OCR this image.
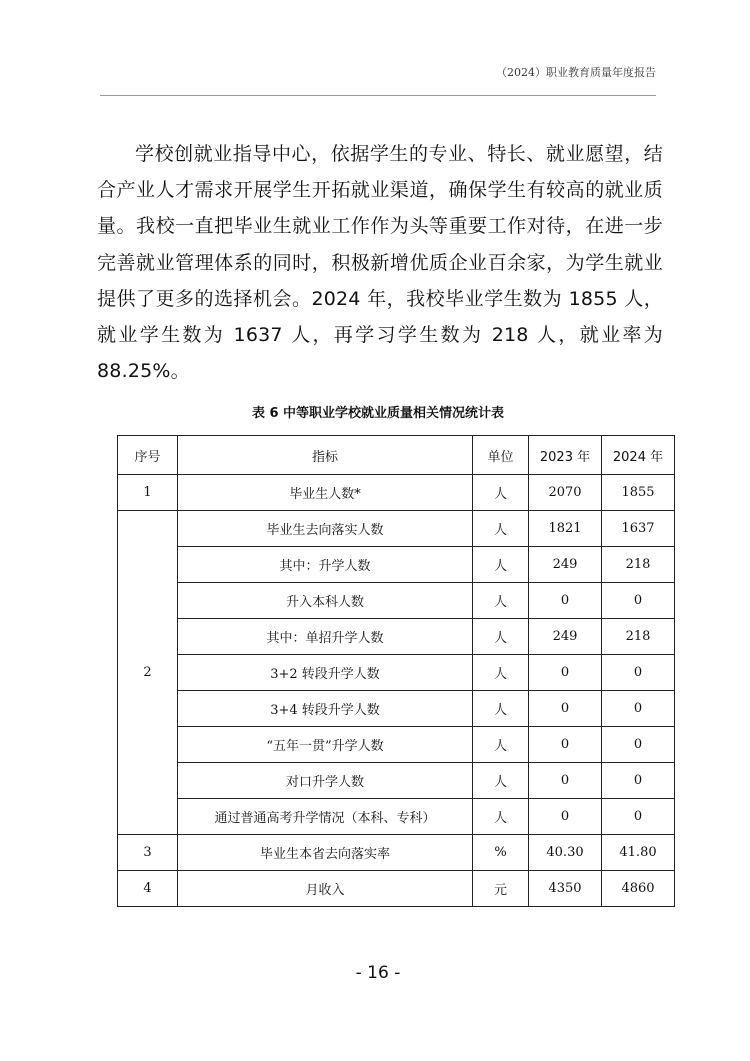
（2024）职业教育质量年度报告

学校创就业指导中心，依据学生的专业、特长、就业愿望，结合产业人才需求开展学生开拓就业渠道，确保学生有较高的就业质量。我校一直把毕业生就业工作作为头等重要工作对待，在进一步完善就业管理体系的同时，积极新增优质企业百余家，为学生就业提供了更多的选择机会。2024 年，我校毕业学生数为 1855 人，就业学生数为 1637 人，再学习学生数为 218 人，就业率为 88.25%。

表 6 中等职业学校就业质量相关情况统计表
序号	指标	单位	2023 年	2024 年
1	毕业生人数*	人	2070	1855
2	毕业生去向落实人数	人	1821	1637
	其中：升学人数	人	249	218
	升入本科人数	人	0	0
	其中：单招升学人数	人	249	218
	3+2 转段升学人数	人	0	0
	3+4 转段升学人数	人	0	0
	“五年一贯”升学人数	人	0	0
	对口升学人数	人	0	0
	通过普通高考升学情况（本科、专科）	人	0	0
3	毕业生本省去向落实率	%	40.30	41.80
4	月收入	元	4350	4860
- 16 -
